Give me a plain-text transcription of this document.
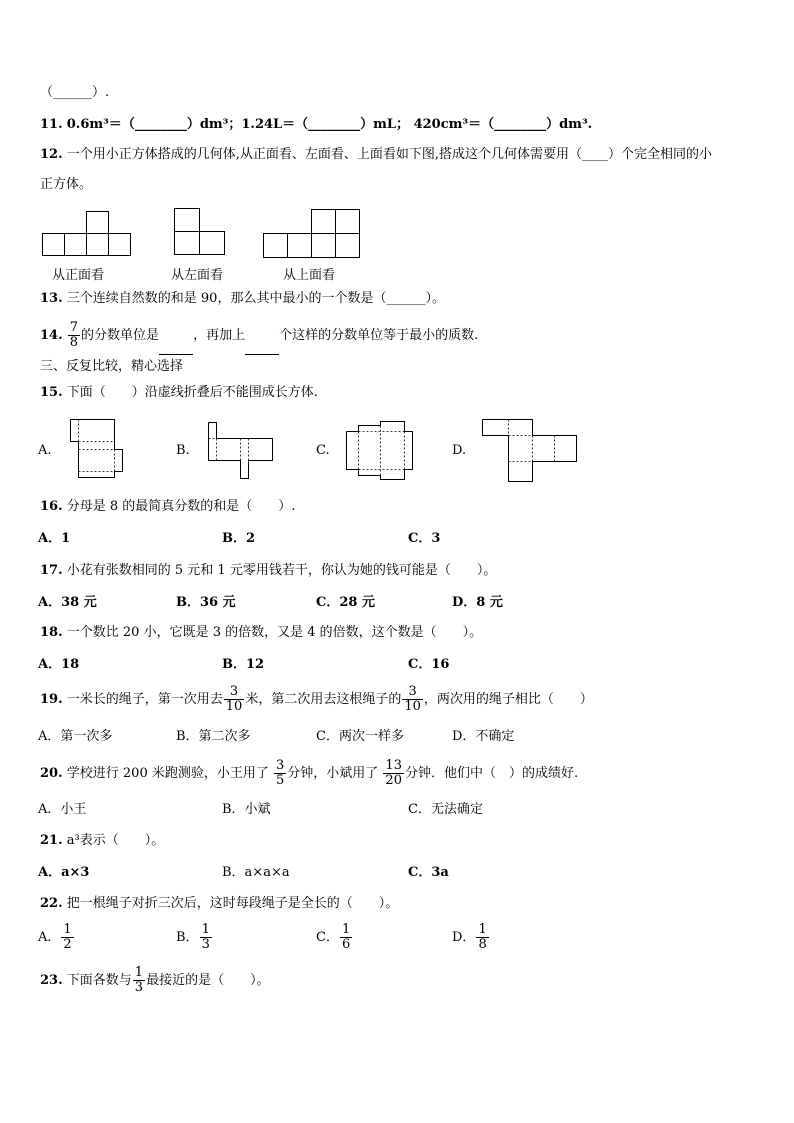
（______）.
11. 0.6m³＝（________）dm³；1.24L＝（________）mL； 420cm³＝（________）dm³.
12. 一个用小正方体搭成的几何体,从正面看、左面看、上面看如下图,搭成这个几何体需要用（____）个完全相同的小
正方体。
从正面看	从左面看	从上面看
13. 三个连续自然数的和是 90，那么其中最小的一个数是（______）。
14. $\frac{7}{8}$ 的分数单位是	，再加上	个这样的分数单位等于最小的质数.
三、反复比较，精心选择
15. 下面（　　）沿虚线折叠后不能围成长方体.
A.	B.	C.	D.
16. 分母是 8 的最简真分数的和是（　　）.
A．1	B．2	C．3
17. 小花有张数相同的 5 元和 1 元零用钱若干，你认为她的钱可能是（　　）。
A．38 元	B．36 元	C．28 元	D．8 元
18. 一个数比 20 小，它既是 3 的倍数，又是 4 的倍数，这个数是（　　）。
A．18	B．12	C．16
19. 一米长的绳子，第一次用去 $\frac{3}{10}$ 米，第二次用去这根绳子的 $\frac{3}{10}$ ，两次用的绳子相比（　　）
A．第一次多	B．第二次多	C．两次一样多	D．不确定
20. 学校进行 200 米跑测验，小王用了 $\frac{3}{5}$ 分钟，小斌用了 $\frac{13}{20}$ 分钟．他们中（　）的成绩好.
A．小王	B．小斌	C．无法确定
21. a³表示（　　）。
A．a×3	B．a×a×a	C．3a
22. 把一根绳子对折三次后，这时每段绳子是全长的（　　）。
A． $\frac{1}{2}$	B． $\frac{1}{3}$	C． $\frac{1}{6}$	D． $\frac{1}{8}$
23. 下面各数与 $\frac{1}{3}$ 最接近的是（　　）。
